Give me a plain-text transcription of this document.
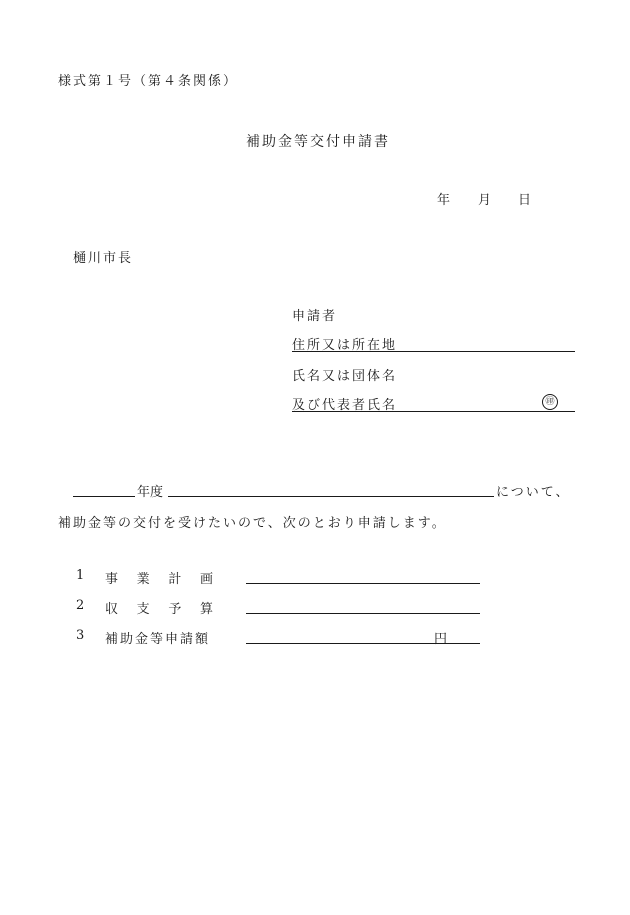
様式第１号（第４条関係）
補助金等交付申請書
年 月 日
樋川市長
申請者
住所又は所在地
氏名又は団体名
及び代表者氏名	㊞
年度	について、
補助金等の交付を受けたいので、次のとおり申請します。
1 事 業 計 画
2 収 支 予 算
3 補助金等申請額	円
